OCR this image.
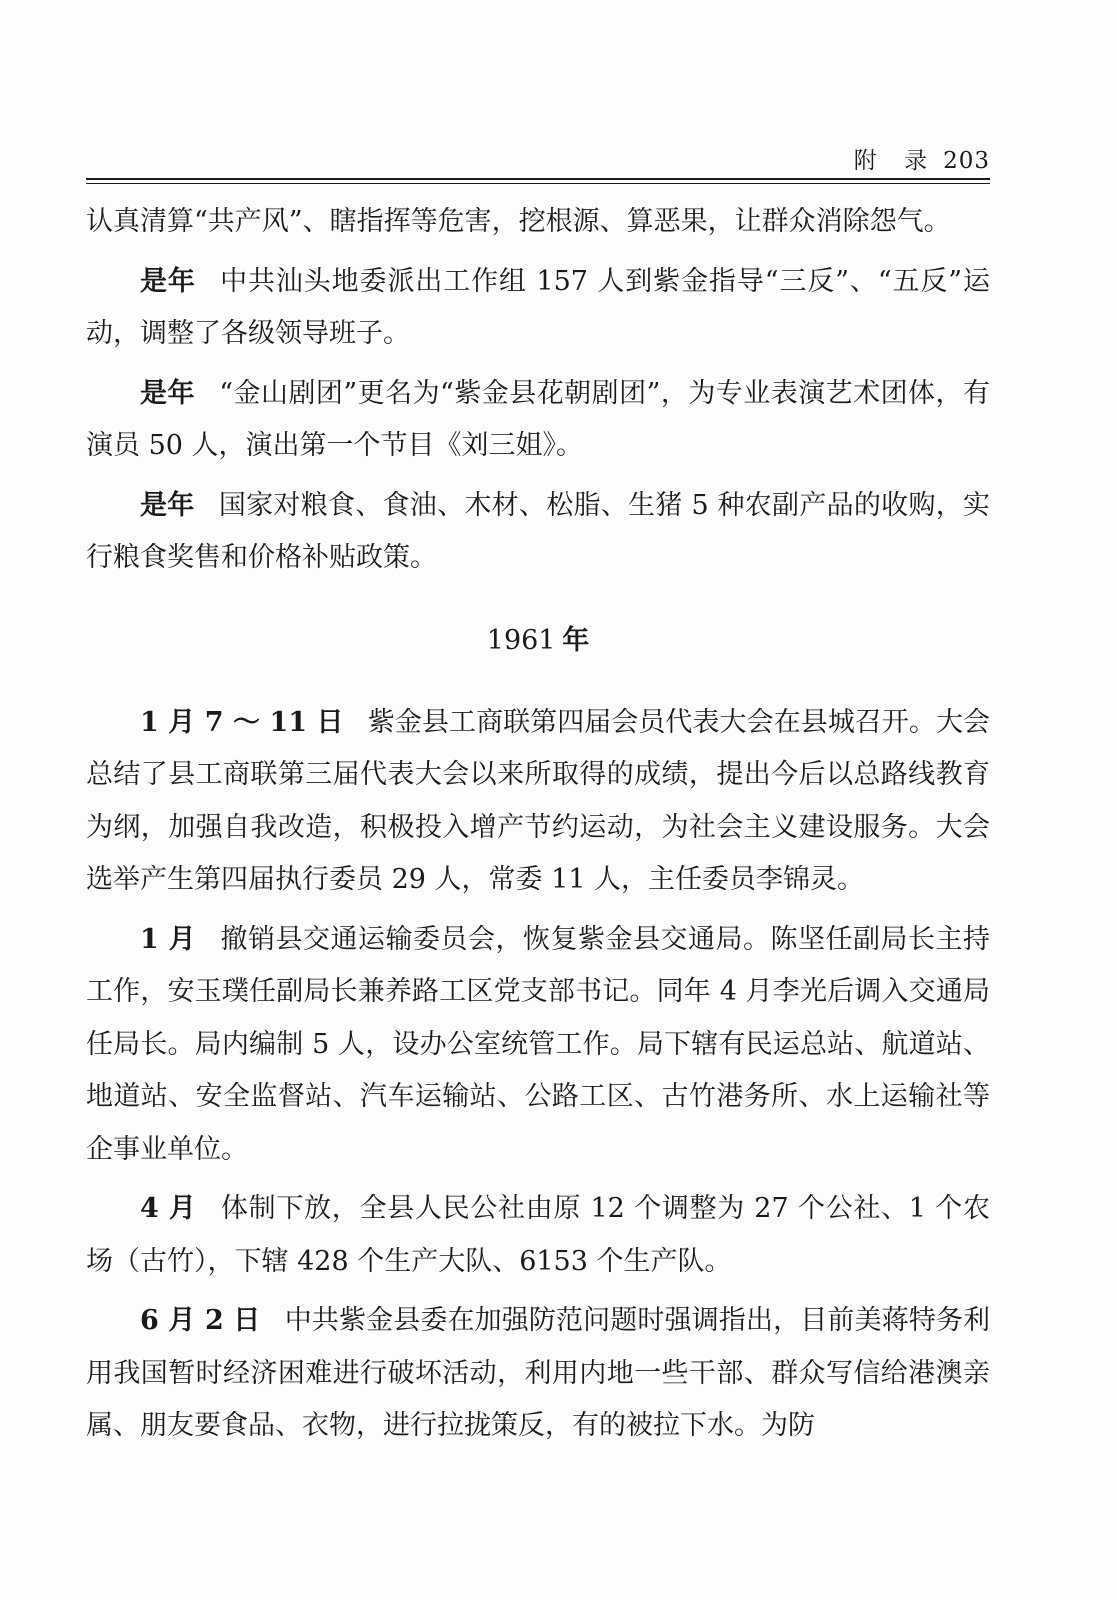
附 录 203

认真清算“共产风”、瞎指挥等危害，挖根源、算恶果，让群众消除怨气。

是年 中共汕头地委派出工作组 157 人到紫金指导“三反”、“五反”运动，调整了各级领导班子。

是年 “金山剧团”更名为“紫金县花朝剧团”，为专业表演艺术团体，有演员 50 人，演出第一个节目《刘三姐》。

是年 国家对粮食、食油、木材、松脂、生猪 5 种农副产品的收购，实行粮食奖售和价格补贴政策。

1961 年

1 月 7 ～ 11 日 紫金县工商联第四届会员代表大会在县城召开。大会总结了县工商联第三届代表大会以来所取得的成绩，提出今后以总路线教育为纲，加强自我改造，积极投入增产节约运动，为社会主义建设服务。大会选举产生第四届执行委员 29 人，常委 11 人，主任委员李锦灵。

1 月 撤销县交通运输委员会，恢复紫金县交通局。陈坚任副局长主持工作，安玉璞任副局长兼养路工区党支部书记。同年 4 月李光后调入交通局任局长。局内编制 5 人，设办公室统管工作。局下辖有民运总站、航道站、地道站、安全监督站、汽车运输站、公路工区、古竹港务所、水上运输社等企事业单位。

4 月 体制下放，全县人民公社由原 12 个调整为 27 个公社、1 个农场（古竹），下辖 428 个生产大队、6153 个生产队。

6 月 2 日 中共紫金县委在加强防范问题时强调指出，目前美蒋特务利用我国暂时经济困难进行破坏活动，利用内地一些干部、群众写信给港澳亲属、朋友要食品、衣物，进行拉拢策反，有的被拉下水。为防
